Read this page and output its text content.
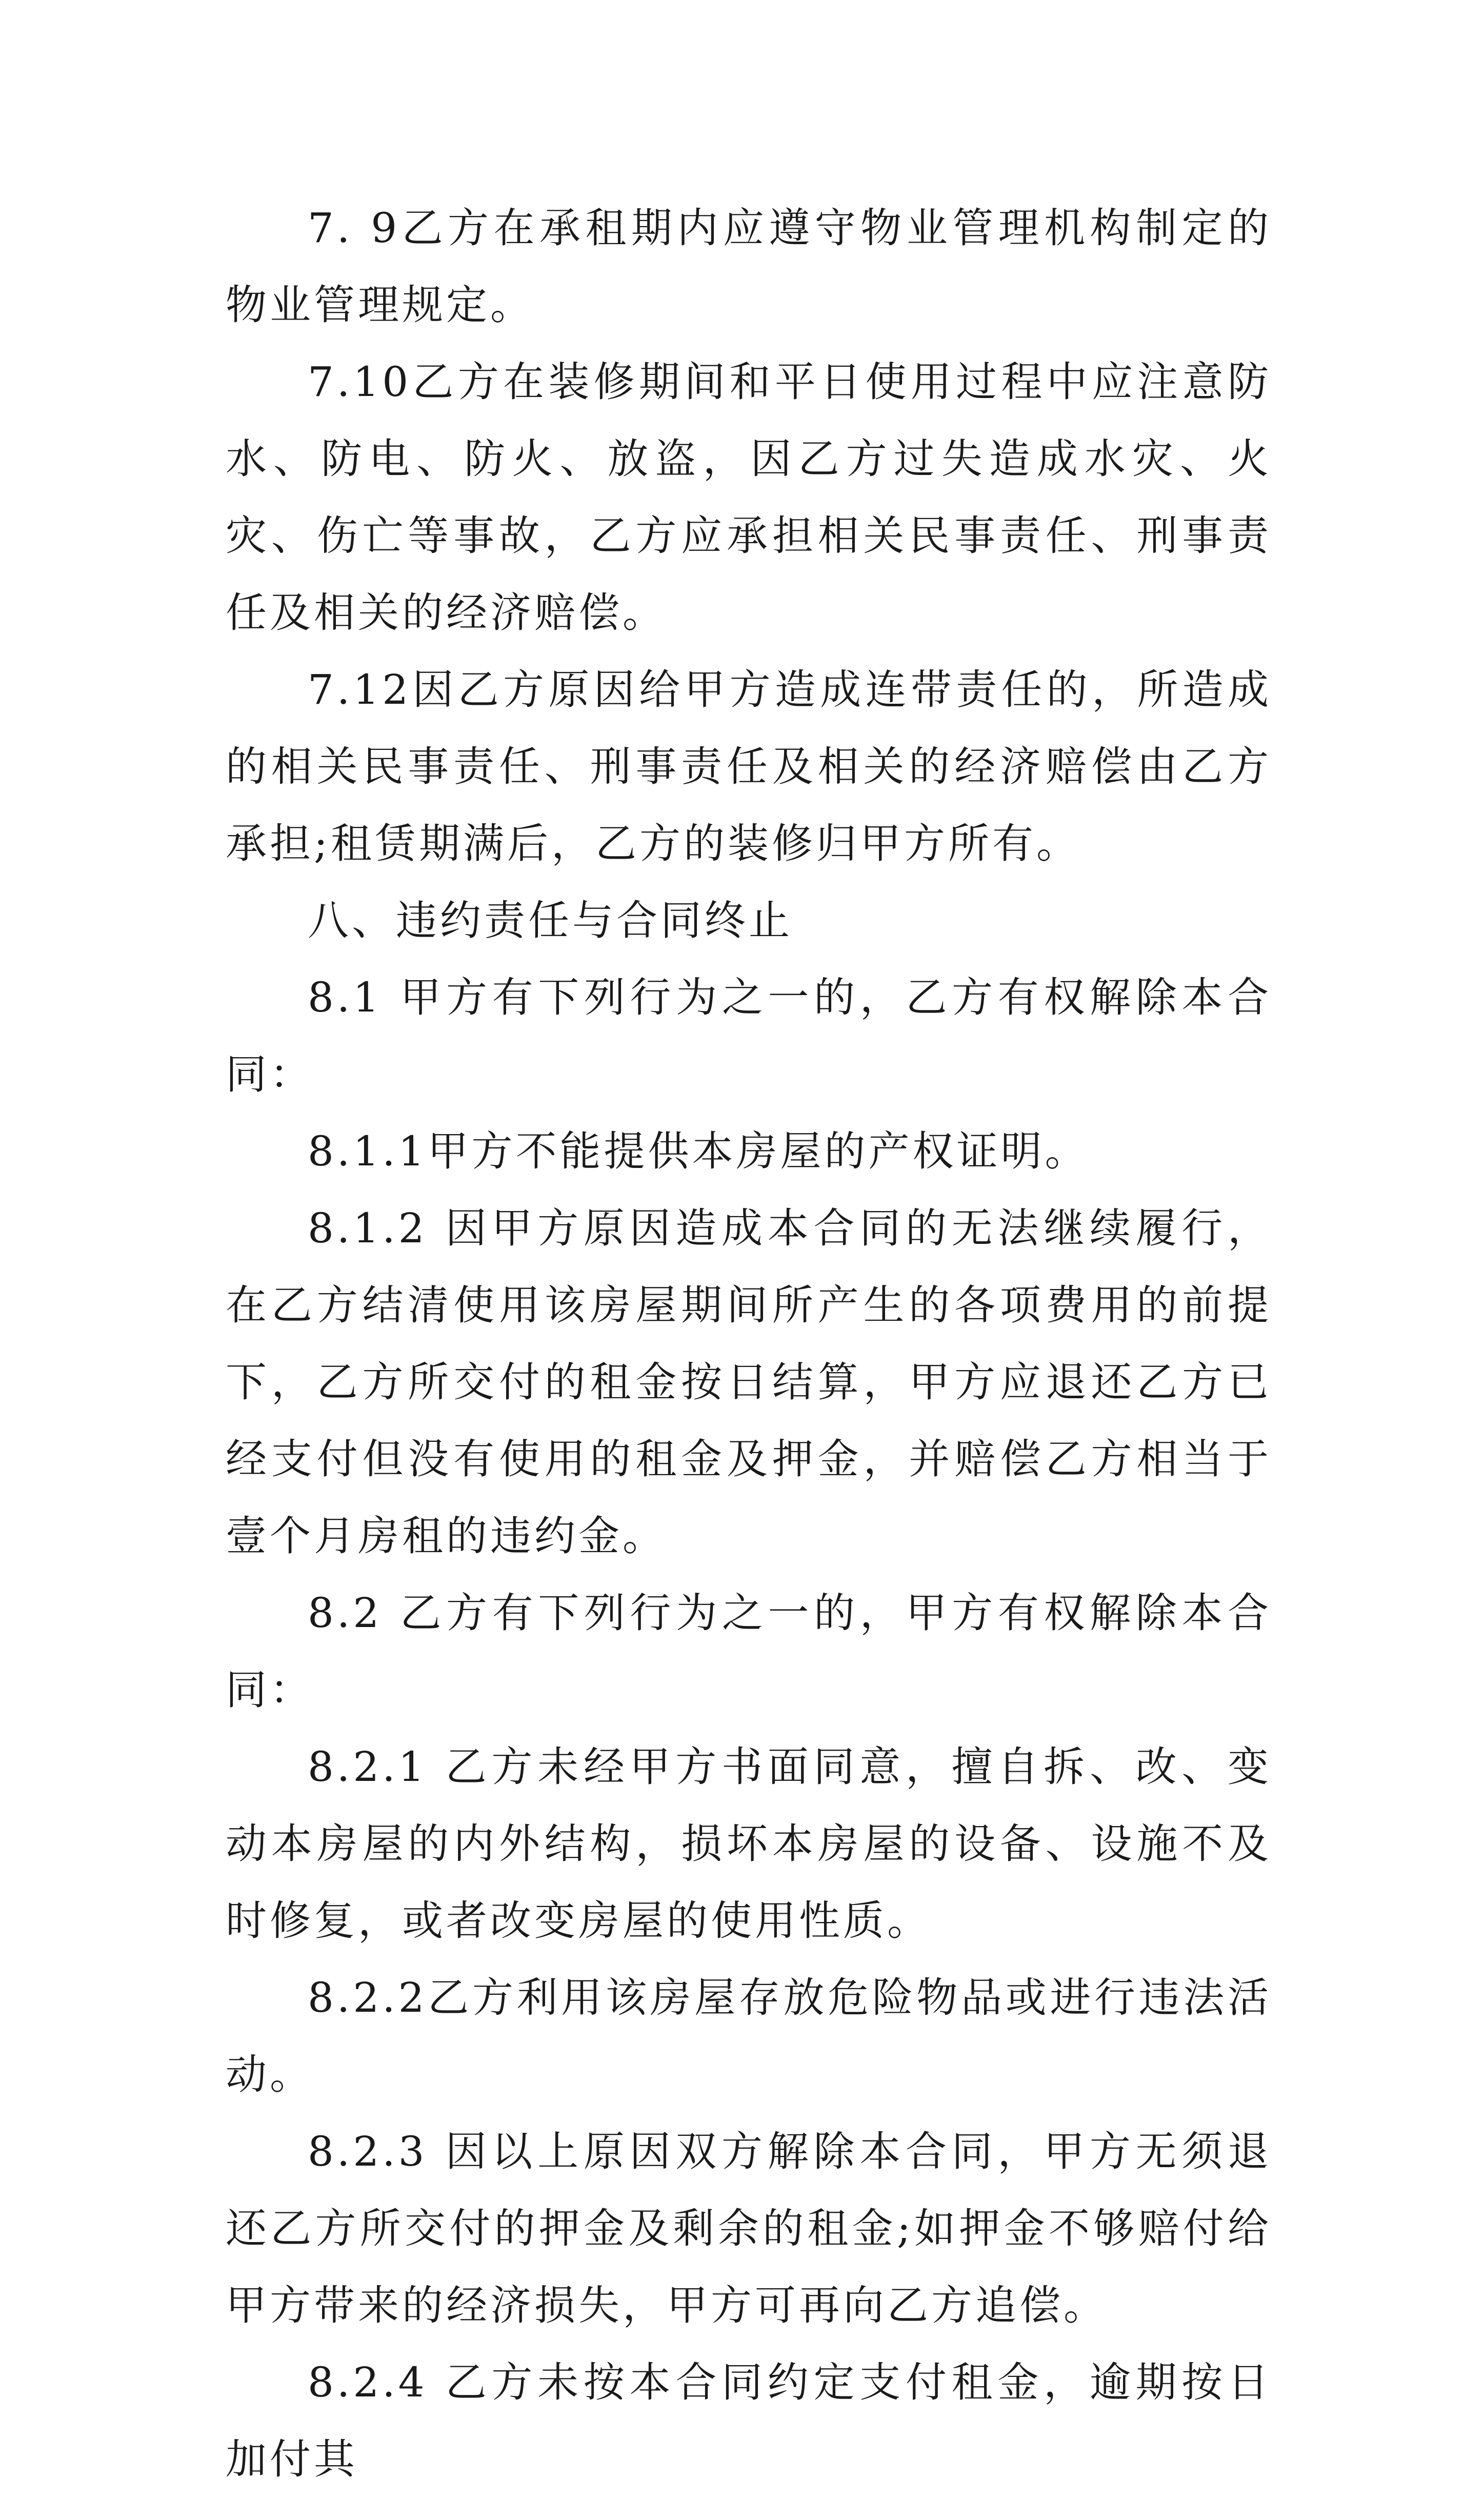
7. 9乙方在承租期内应遵守物业管理机构制定的物业管理规定。

7.10乙方在装修期间和平日使用过程中应注意防水、防电、防火、放盗，因乙方过失造成水灾、火灾、伤亡等事故，乙方应承担相关民事责任、刑事责任及相关的经济赔偿。

7.12因乙方原因给甲方造成连带责任的，所造成的相关民事责任、刑事责任及相关的经济赔偿由乙方承担;租赁期满后，乙方的装修归甲方所有。

八、违约责任与合同终止

8.1 甲方有下列行为之一的，乙方有权解除本合同：

8.1.1甲方不能提供本房屋的产权证明。

8.1.2 因甲方原因造成本合同的无法继续履行，在乙方结清使用该房屋期间所产生的各项费用的前提 下，乙方所交付的租金按日结算，甲方应退还乙方已经支付但没有使用的租金及押金，并赔偿乙方相当于壹个月房租的违约金。

8.2 乙方有下列行为之一的，甲方有权解除本合同：

8.2.1 乙方未经甲方书面同意，擅自拆、改、变动本房屋的内外结构，损坏本房屋的设备、设施不及时修复，或者改变房屋的使用性质。

8.2.2乙方利用该房屋存放危险物品或进行违法活动。

8.2.3 因以上原因双方解除本合同，甲方无须退还乙方所交付的押金及剩余的租金;如押金不够赔付给甲方带来的经济损失，甲方可再向乙方追偿。

8.2.4 乙方未按本合同约定支付租金，逾期按日加付其
